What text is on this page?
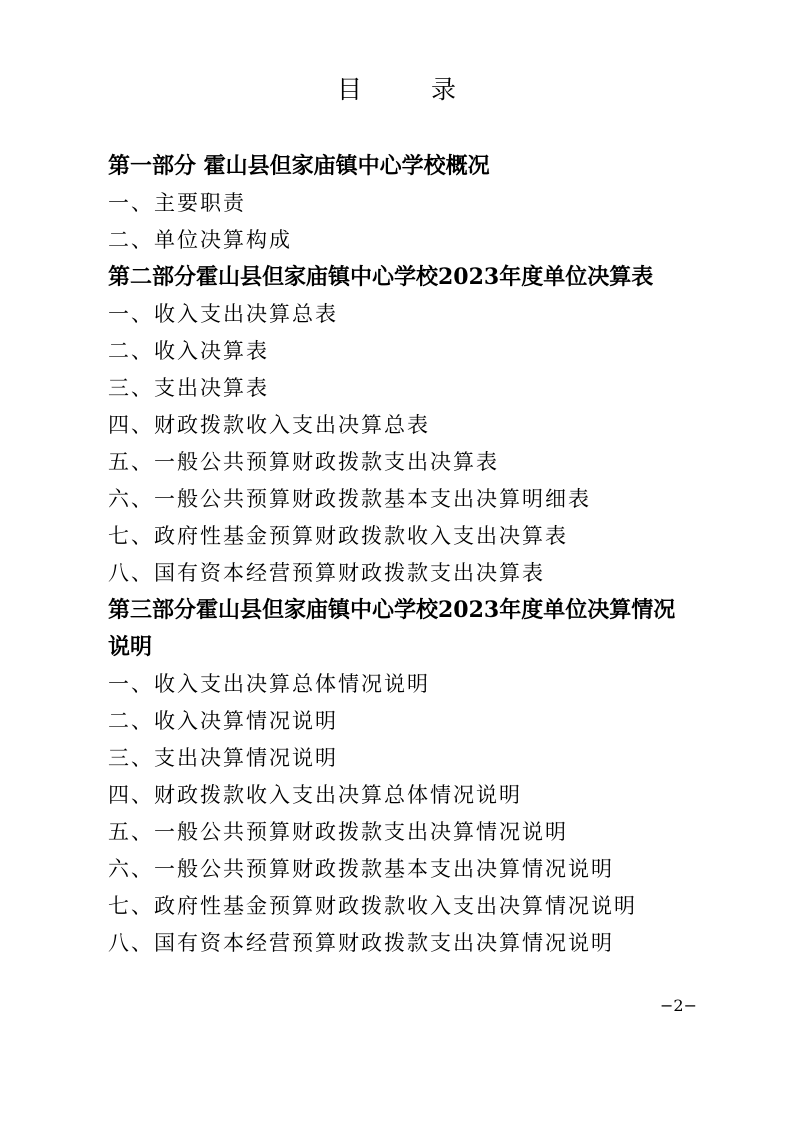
目　录

第一部分 霍山县但家庙镇中心学校概况

一、主要职责

二、单位决算构成

第二部分霍山县但家庙镇中心学校2023年度单位决算表

一、收入支出决算总表

二、收入决算表

三、支出决算表

四、财政拨款收入支出决算总表

五、一般公共预算财政拨款支出决算表

六、一般公共预算财政拨款基本支出决算明细表

七、政府性基金预算财政拨款收入支出决算表

八、国有资本经营预算财政拨款支出决算表

第三部分霍山县但家庙镇中心学校2023年度单位决算情况说明

一、收入支出决算总体情况说明

二、收入决算情况说明

三、支出决算情况说明

四、财政拨款收入支出决算总体情况说明

五、一般公共预算财政拨款支出决算情况说明

六、一般公共预算财政拨款基本支出决算情况说明

七、政府性基金预算财政拨款收入支出决算情况说明

八、国有资本经营预算财政拨款支出决算情况说明

−2−
